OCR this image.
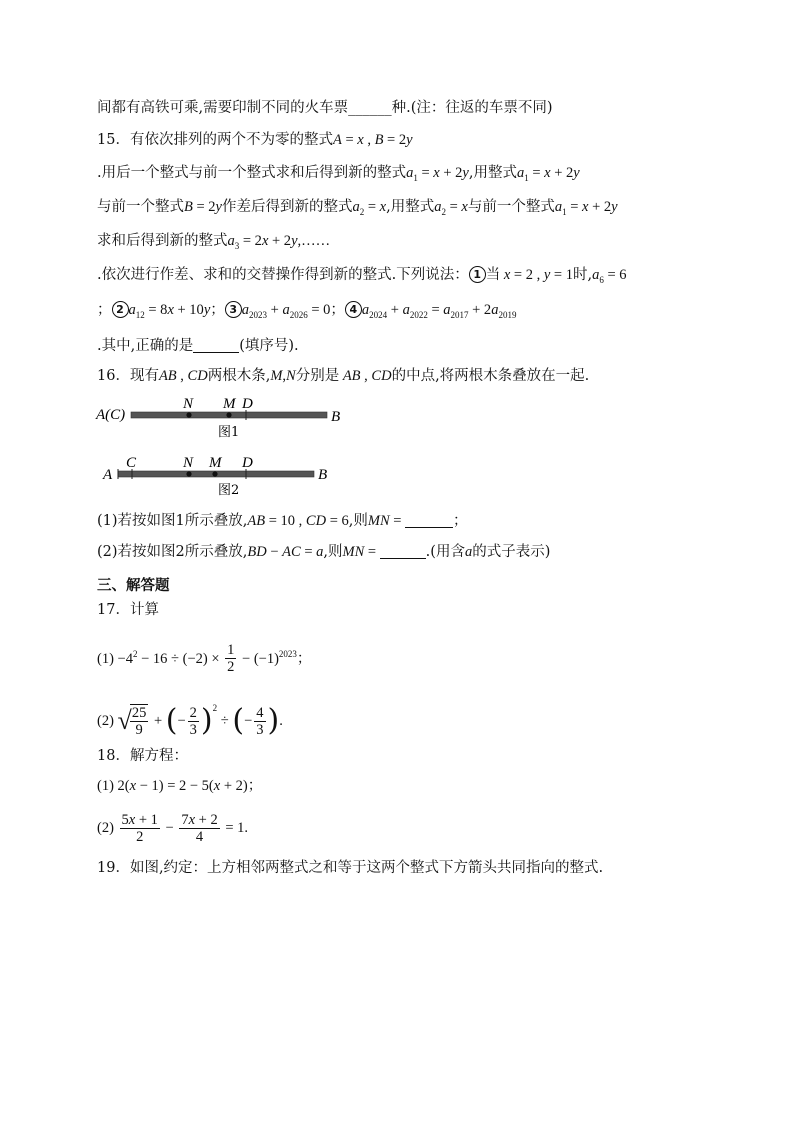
间都有高铁可乘,需要印制不同的火车票______种.(注：往返的车票不同)
15．有依次排列的两个不为零的整式A = x , B = 2y
.用后一个整式与前一个整式求和后得到新的整式$a_1 = x + 2y$,用整式$a_1 = x + 2y$
与前一个整式B = 2y作差后得到新的整式$a_2 = x$,用整式$a_2 = x$与前一个整式$a_1 = x + 2y$
求和后得到新的整式$a_3 = 2x$ + 2y,……
.依次进行作差、求和的交替操作得到新的整式.下列说法： 1 当 x = 2 , y = 1时$,a_6 = 6$
； 2 $a_{12} = 8x + 10y$； 3 $a_{2023} + a_{2026} = 0$； 4 $a_{2024} + a_{2022} = a_{2017} + 2a_{2019}$
.其中,正确的是	(填序号).
16．现有AB , CD两根木条,M,N分别是 AB , CD的中点,将两根木条叠放在一起.
A(C)
N M D
B
图1
A
C	N M D
B
图2
(1)若按如图1所示叠放,AB = 10 , CD = 6,则MN =	；
(2)若按如图2所示叠放,BD − AC = a,则MN =	.(用含a的式子表示)
三、解答题
17．计算
$(1) -4^2 - 16 \div (-2) \times \frac{1}{2} - (-1)^{2023}$；
(2) √
$\frac{25}{9}$ + (− $\frac{2}{3} )^2$ ÷ (− $\frac{4}{3}$ ).
18．解方程：
(1) 2(x − 1) = 2 − 5(x + 2)；
$(2) \frac{5x + 1}{2} - \frac{7x + 2}{4} = 1$.
19．如图,约定：上方相邻两整式之和等于这两个整式下方箭头共同指向的整式.
